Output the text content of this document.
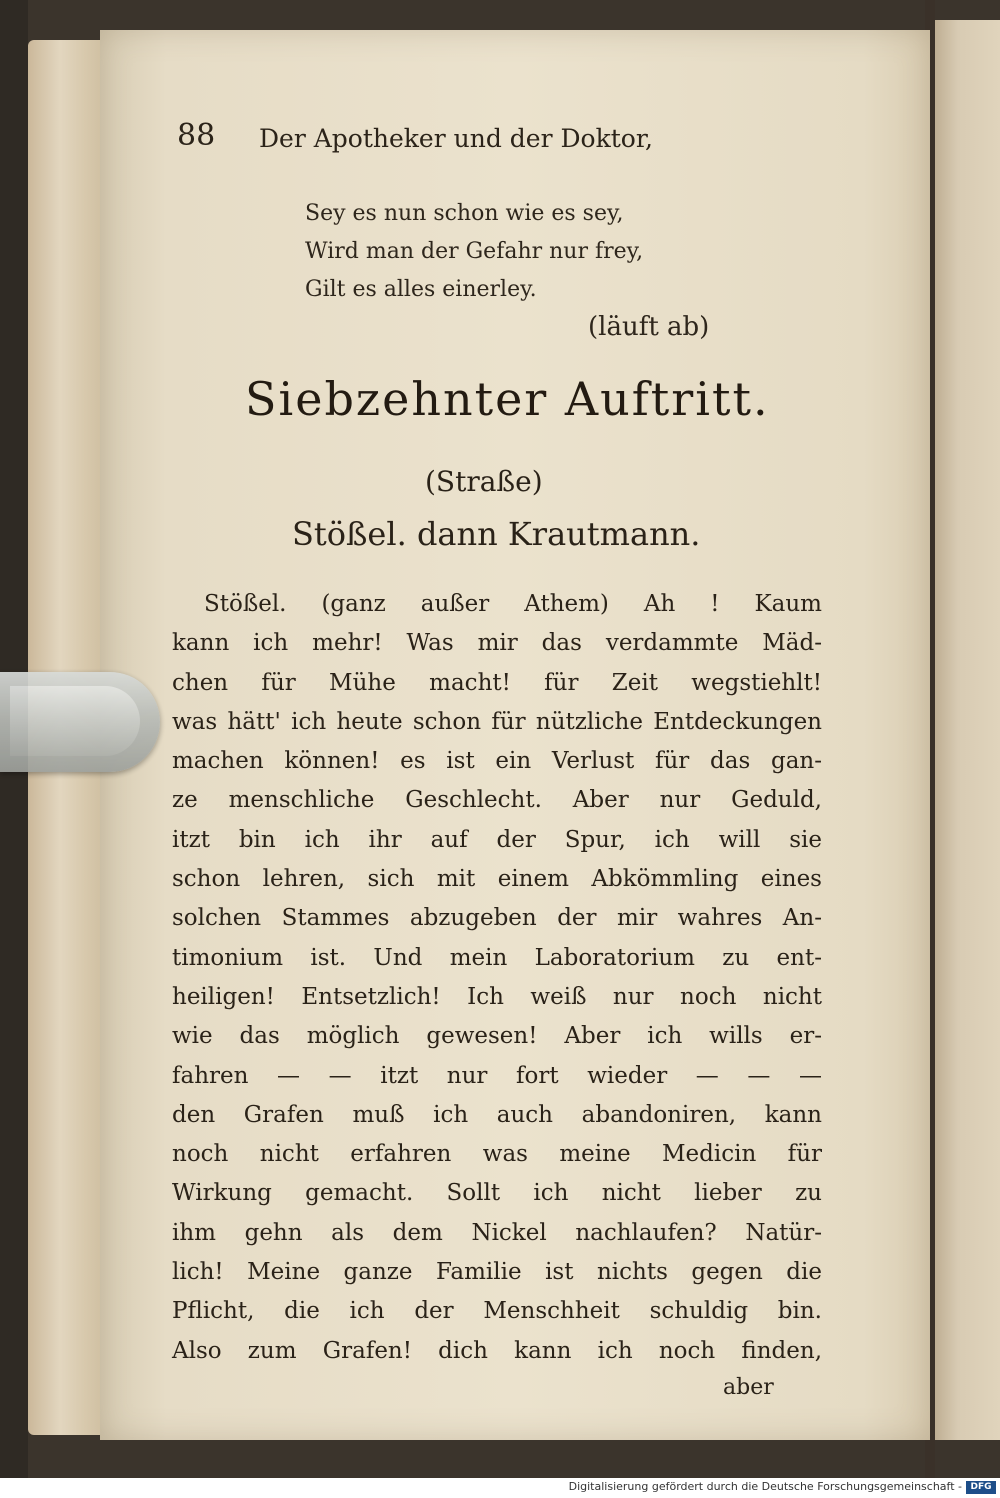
88 Der Apotheker und der Doktor,
Sey es nun schon wie es sey,
Wird man der Gefahr nur frey,
Gilt es alles einerley.
(läuft ab)
Siebzehnter Auftritt.
(Straße)
Stößel. dann Krautmann.
Stößel. (ganz außer Athem) Ah ! Kaum
kann ich mehr! Was mir das verdammte Mäd-
chen für Mühe macht! für Zeit wegstiehlt!
was hätt' ich heute schon für nützliche Entdeckungen
machen können! es ist ein Verlust für das gan-
ze menschliche Geschlecht. Aber nur Geduld,
itzt bin ich ihr auf der Spur, ich will sie
schon lehren, sich mit einem Abkömmling eines
solchen Stammes abzugeben der mir wahres An-
timonium ist. Und mein Laboratorium zu ent-
heiligen! Entsetzlich! Ich weiß nur noch nicht
wie das möglich gewesen! Aber ich wills er-
fahren — — itzt nur fort wieder — — —
den Grafen muß ich auch abandoniren, kann
noch nicht erfahren was meine Medicin für
Wirkung gemacht. Sollt ich nicht lieber zu
ihm gehn als dem Nickel nachlaufen? Natür-
lich! Meine ganze Familie ist nichts gegen die
Pflicht, die ich der Menschheit schuldig bin.
Also zum Grafen! dich kann ich noch finden,
aber
Digitalisierung gefördert durch die Deutsche Forschungsgemeinschaft - DFG
